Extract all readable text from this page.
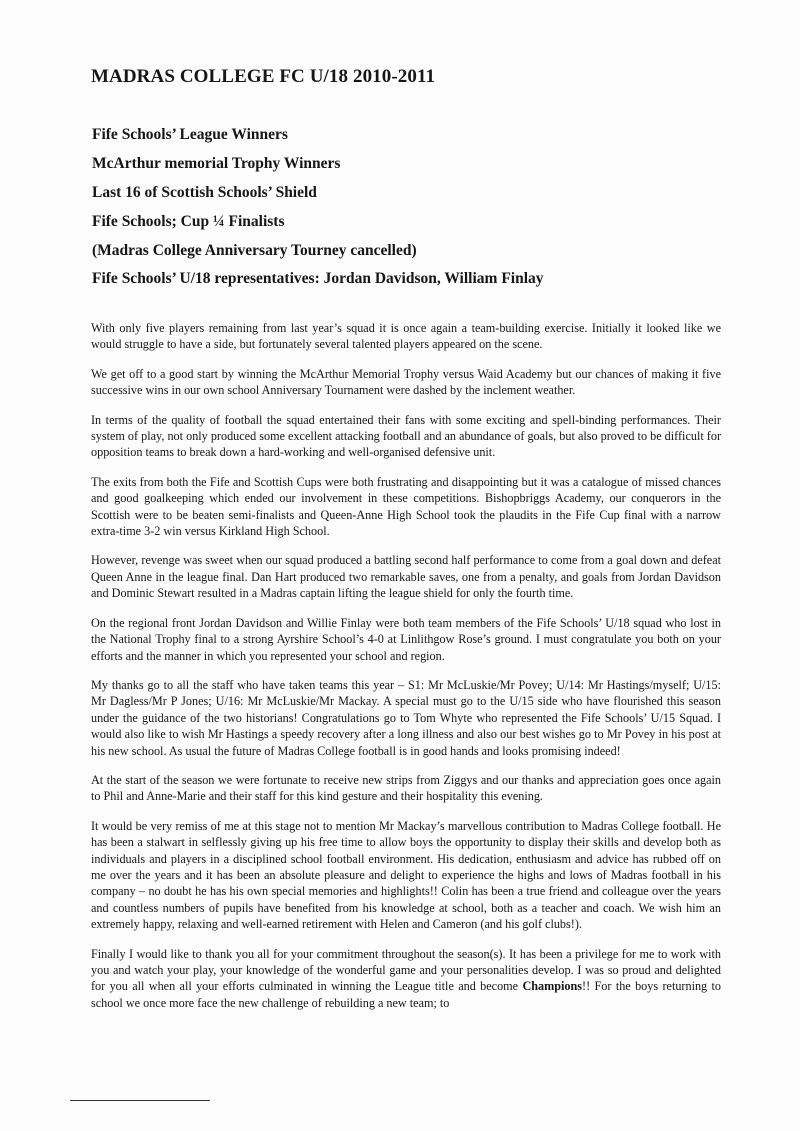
MADRAS COLLEGE FC U/18 2010-2011
Fife Schools’ League Winners
McArthur memorial Trophy Winners
Last 16 of Scottish Schools’ Shield
Fife Schools; Cup ¼ Finalists
(Madras College Anniversary Tourney cancelled)
Fife Schools’ U/18 representatives: Jordan Davidson, William Finlay

With only five players remaining from last year’s squad it is once again a team-building exercise. Initially it looked like we would struggle to have a side, but fortunately several talented players appeared on the scene.

We get off to a good start by winning the McArthur Memorial Trophy versus Waid Academy but our chances of making it five successive wins in our own school Anniversary Tournament were dashed by the inclement weather.

In terms of the quality of football the squad entertained their fans with some exciting and spell-binding performances. Their system of play, not only produced some excellent attacking football and an abundance of goals, but also proved to be difficult for opposition teams to break down a hard-working and well-organised defensive unit.

The exits from both the Fife and Scottish Cups were both frustrating and disappointing but it was a catalogue of missed chances and good goalkeeping which ended our involvement in these competitions. Bishopbriggs Academy, our conquerors in the Scottish were to be beaten semi-finalists and Queen-Anne High School took the plaudits in the Fife Cup final with a narrow extra-time 3-2 win versus Kirkland High School.

However, revenge was sweet when our squad produced a battling second half performance to come from a goal down and defeat Queen Anne in the league final. Dan Hart produced two remarkable saves, one from a penalty, and goals from Jordan Davidson and Dominic Stewart resulted in a Madras captain lifting the league shield for only the fourth time.

On the regional front Jordan Davidson and Willie Finlay were both team members of the Fife Schools’ U/18 squad who lost in the National Trophy final to a strong Ayrshire School’s 4-0 at Linlithgow Rose’s ground. I must congratulate you both on your efforts and the manner in which you represented your school and region.

My thanks go to all the staff who have taken teams this year – S1: Mr McLuskie/Mr Povey; U/14: Mr Hastings/myself; U/15: Mr Dagless/Mr P Jones; U/16: Mr McLuskie/Mr Mackay. A special must go to the U/15 side who have flourished this season under the guidance of the two historians! Congratulations go to Tom Whyte who represented the Fife Schools’ U/15 Squad. I would also like to wish Mr Hastings a speedy recovery after a long illness and also our best wishes go to Mr Povey in his post at his new school. As usual the future of Madras College football is in good hands and looks promising indeed!

At the start of the season we were fortunate to receive new strips from Ziggys and our thanks and appreciation goes once again to Phil and Anne-Marie and their staff for this kind gesture and their hospitality this evening.

It would be very remiss of me at this stage not to mention Mr Mackay’s marvellous contribution to Madras College football. He has been a stalwart in selflessly giving up his free time to allow boys the opportunity to display their skills and develop both as individuals and players in a disciplined school football environment. His dedication, enthusiasm and advice has rubbed off on me over the years and it has been an absolute pleasure and delight to experience the highs and lows of Madras football in his company – no doubt he has his own special memories and highlights!! Colin has been a true friend and colleague over the years and countless numbers of pupils have benefited from his knowledge at school, both as a teacher and coach. We wish him an extremely happy, relaxing and well-earned retirement with Helen and Cameron (and his golf clubs!).

Finally I would like to thank you all for your commitment throughout the season(s). It has been a privilege for me to work with you and watch your play, your knowledge of the wonderful game and your personalities develop. I was so proud and delighted for you all when all your efforts culminated in winning the League title and become Champions!! For the boys returning to school we once more face the new challenge of rebuilding a new team; to
